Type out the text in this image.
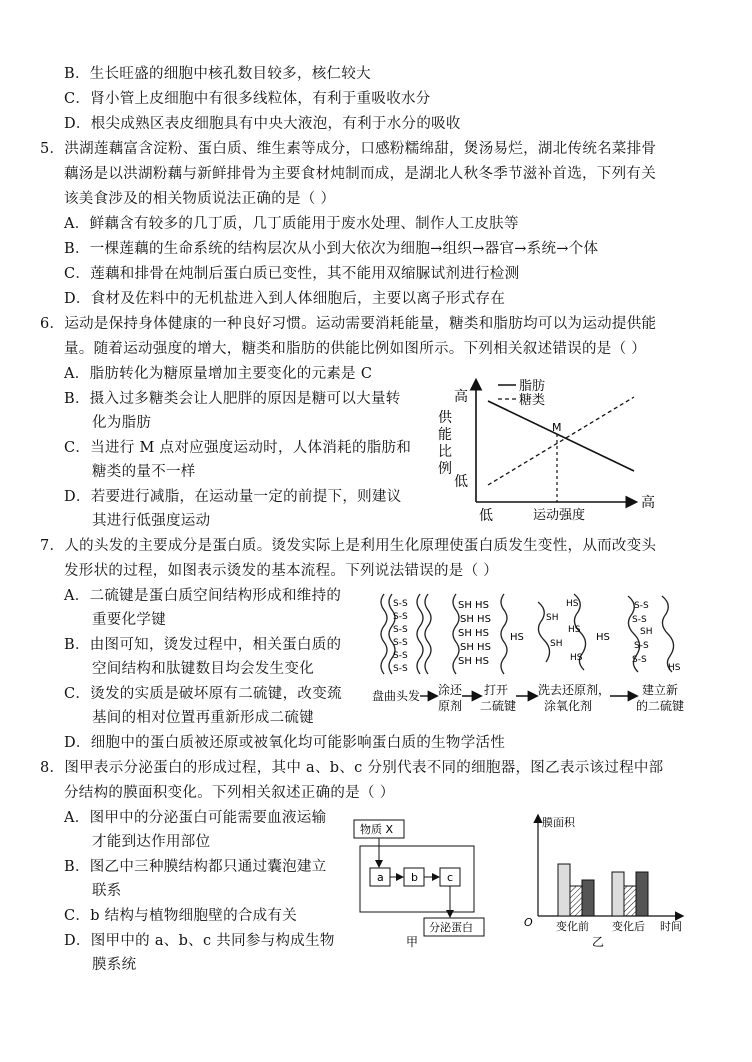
B．生长旺盛的细胞中核孔数目较多，核仁较大
C．肾小管上皮细胞中有很多线粒体，有利于重吸收水分
D．根尖成熟区表皮细胞具有中央大液泡，有利于水分的吸收
5．洪湖莲藕富含淀粉、蛋白质、维生素等成分，口感粉糯绵甜，煲汤易烂，湖北传统名菜排骨
藕汤是以洪湖粉藕与新鲜排骨为主要食材炖制而成，是湖北人秋冬季节滋补首选，下列有关
该美食涉及的相关物质说法正确的是（ ）
A．鲜藕含有较多的几丁质，几丁质能用于废水处理、制作人工皮肤等
B．一棵莲藕的生命系统的结构层次从小到大依次为细胞→组织→器官→系统→个体
C．莲藕和排骨在炖制后蛋白质已变性，其不能用双缩脲试剂进行检测
D．食材及佐料中的无机盐进入到人体细胞后，主要以离子形式存在
6．运动是保持身体健康的一种良好习惯。运动需要消耗能量，糖类和脂肪均可以为运动提供能
量。随着运动强度的增大，糖类和脂肪的供能比例如图所示。下列相关叙述错误的是（ ）
A．脂肪转化为糖原量增加主要变化的元素是 C
B．摄入过多糖类会让人肥胖的原因是糖可以大量转
化为脂肪
C．当进行 M 点对应强度运动时，人体消耗的脂肪和
糖类的量不一样
D．若要进行减脂，在运动量一定的前提下，则建议
其进行低强度运动
脂肪
糖类
M
高
低
供
能
比
例
低
高
运动强度
7．人的头发的主要成分是蛋白质。烫发实际上是利用生化原理使蛋白质发生变性，从而改变头
发形状的过程，如图表示烫发的基本流程。下列说法错误的是（ ）
A．二硫键是蛋白质空间结构形成和维持的
重要化学键
B．由图可知，烫发过程中，相关蛋白质的
空间结构和肽键数目均会发生变化
C．烫发的实质是破坏原有二硫键，改变巯
基间的相对位置再重新形成二硫键
D．细胞中的蛋白质被还原或被氧化均可能影响蛋白质的生物学活性
S-S
S-S
S-S
S-S
S-S
S-S
SH HS
SH HS
SH HS
SH HS
SH HS
HS
HS
SH
HS
SH
HS
HS
S-S
S-S
SH
S-S
S-S
HS
盘曲头发 涂还
原剂
打开
二硫键
洗去还原剂，
涂氧化剂
建立新
的二硫键
8．图甲表示分泌蛋白的形成过程，其中 a、b、c 分别代表不同的细胞器，图乙表示该过程中部
分结构的膜面积变化。下列相关叙述正确的是（ ）
A．图甲中的分泌蛋白可能需要血液运输
才能到达作用部位
B．图乙中三种膜结构都只通过囊泡建立
联系
C．b 结构与植物细胞壁的合成有关
D．图甲中的 a、b、c 共同参与构成生物
膜系统
物质 X
a b	c
分泌蛋白
甲
膜面积
O 变化前 变化后 时间
乙
